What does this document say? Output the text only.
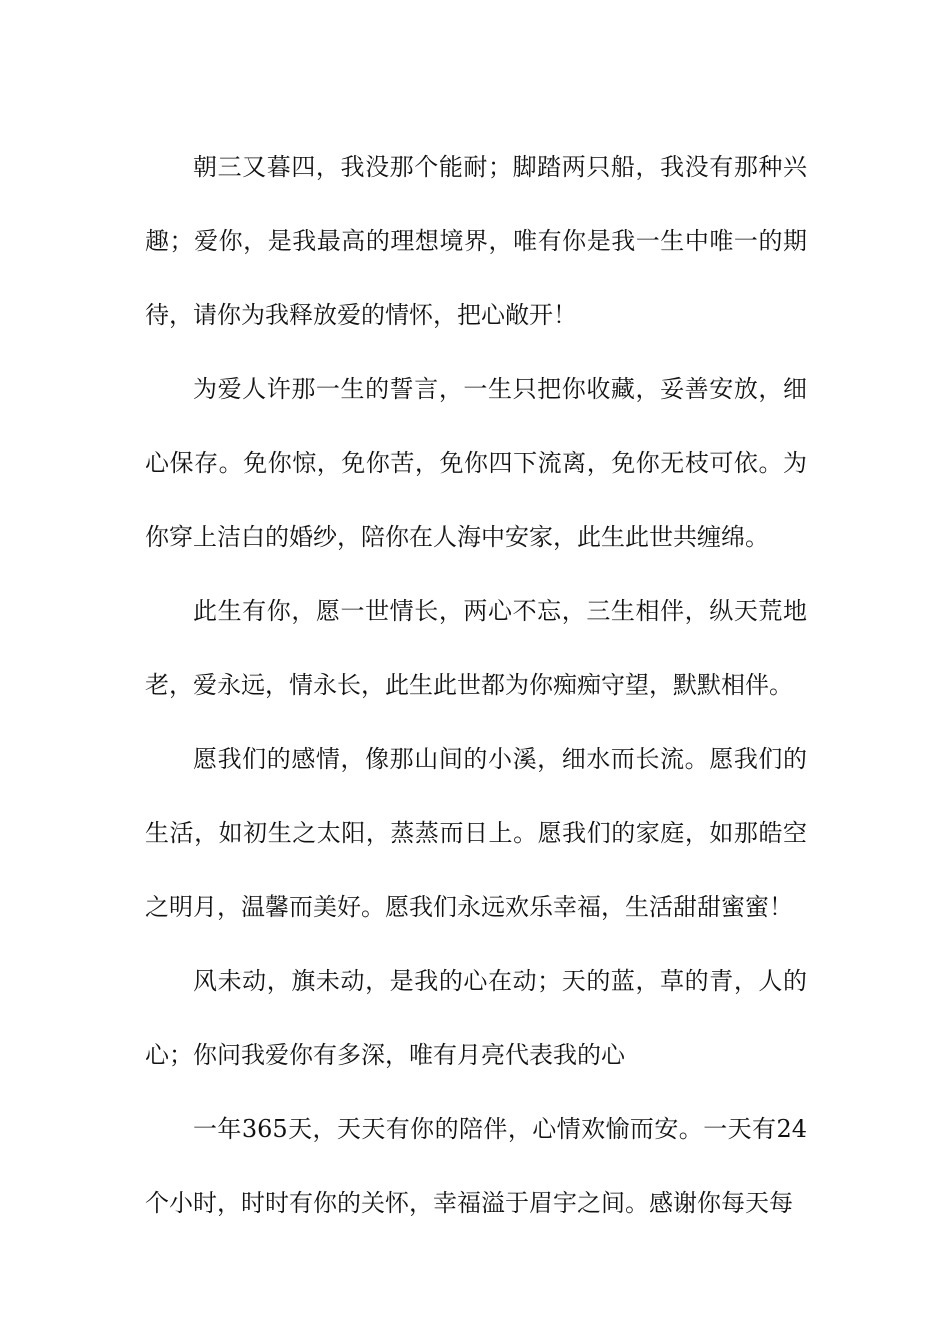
朝三又暮四，我没那个能耐；脚踏两只船，我没有那种兴趣；爱你，是我最高的理想境界，唯有你是我一生中唯一的期待，请你为我释放爱的情怀，把心敞开！

为爱人许那一生的誓言，一生只把你收藏，妥善安放，细心保存。免你惊，免你苦，免你四下流离，免你无枝可依。为你穿上洁白的婚纱，陪你在人海中安家，此生此世共缠绵。

此生有你，愿一世情长，两心不忘，三生相伴，纵天荒地老，爱永远，情永长，此生此世都为你痴痴守望，默默相伴。

愿我们的感情，像那山间的小溪，细水而长流。愿我们的生活，如初生之太阳，蒸蒸而日上。愿我们的家庭，如那皓空之明月，温馨而美好。愿我们永远欢乐幸福，生活甜甜蜜蜜！

风未动，旗未动，是我的心在动；天的蓝，草的青，人的心；你问我爱你有多深，唯有月亮代表我的心

一年365天，天天有你的陪伴，心情欢愉而安。一天有24个小时，时时有你的关怀，幸福溢于眉宇之间。感谢你每天每
